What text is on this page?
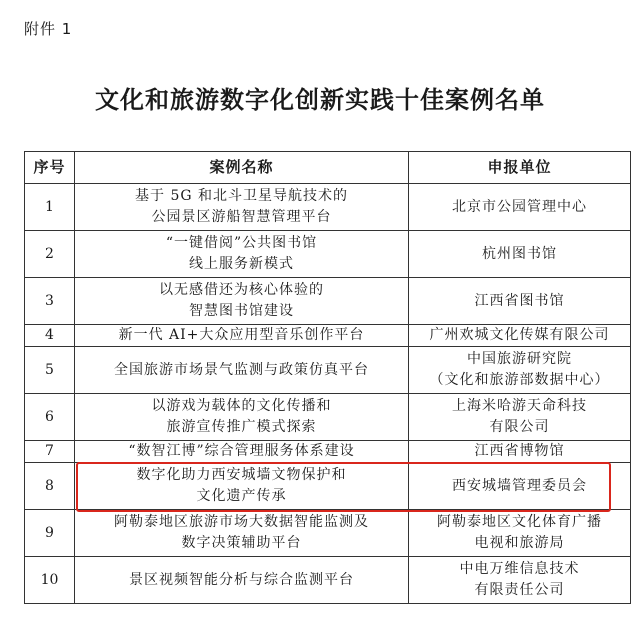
附件 1
文化和旅游数字化创新实践十佳案例名单
序号	案例名称	申报单位
1	基于 5G 和北斗卫星导航技术的
公园景区游船智慧管理平台	北京市公园管理中心

2	“一键借阅”公共图书馆
线上服务新模式	杭州图书馆

3	以无感借还为核心体验的
智慧图书馆建设	江西省图书馆

4	新一代 AI+大众应用型音乐创作平台	广州欢城文化传媒有限公司

5	全国旅游市场景气监测与政策仿真平台	中国旅游研究院
（文化和旅游部数据中心）

6	以游戏为载体的文化传播和
旅游宣传推广模式探索	上海米哈游天命科技
有限公司

7	“数智江博”综合管理服务体系建设	江西省博物馆

8	数字化助力西安城墙文物保护和
文化遗产传承	西安城墙管理委员会

9	阿勒泰地区旅游市场大数据智能监测及
数字决策辅助平台	阿勒泰地区文化体育广播
电视和旅游局

10	景区视频智能分析与综合监测平台	中电万维信息技术
有限责任公司
